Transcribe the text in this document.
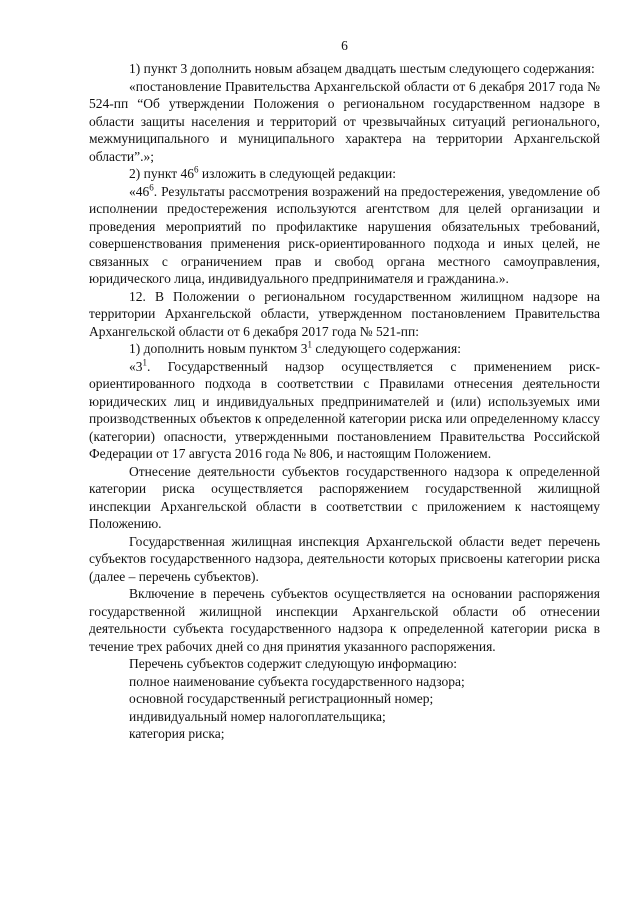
6

1) пункт 3 дополнить новым абзацем двадцать шестым следующего содержания:

«постановление Правительства Архангельской области от 6 декабря 2017 года № 524-пп “Об утверждении Положения о региональном государственном надзоре в области защиты населения и территорий от чрезвычайных ситуаций регионального, межмуниципального и муниципального характера на территории Архангельской области”.»;

2) пункт $46^6$ изложить в следующей редакции:

«$46^6$. Результаты рассмотрения возражений на предостережения, уведомление об исполнении предостережения используются агентством для целей организации и проведения мероприятий по профилактике нарушения обязательных требований, совершенствования применения риск-ориентированного подхода и иных целей, не связанных с ограничением прав и свобод органа местного самоуправления, юридического лица, индивидуального предпринимателя и гражданина.».

12. В Положении о региональном государственном жилищном надзоре на территории Архангельской области, утвержденном постановлением Правительства Архангельской области от 6 декабря 2017 года № 521-пп:

1) дополнить новым пунктом $3^1$ следующего содержания:

«$3^1$. Государственный надзор осуществляется с применением риск-ориентированного подхода в соответствии с Правилами отнесения деятельности юридических лиц и индивидуальных предпринимателей и (или) используемых ими производственных объектов к определенной категории риска или определенному классу (категории) опасности, утвержденными постановлением Правительства Российской Федерации от 17 августа 2016 года № 806, и настоящим Положением.

Отнесение деятельности субъектов государственного надзора к определенной категории риска осуществляется распоряжением государственной жилищной инспекции Архангельской области в соответствии с приложением к настоящему Положению.

Государственная жилищная инспекция Архангельской области ведет перечень субъектов государственного надзора, деятельности которых присвоены категории риска (далее – перечень субъектов).

Включение в перечень субъектов осуществляется на основании распоряжения государственной жилищной инспекции Архангельской области об отнесении деятельности субъекта государственного надзора к определенной категории риска в течение трех рабочих дней со дня принятия указанного распоряжения.

Перечень субъектов содержит следующую информацию:

полное наименование субъекта государственного надзора;

основной государственный регистрационный номер;

индивидуальный номер налогоплательщика;

категория риска;
